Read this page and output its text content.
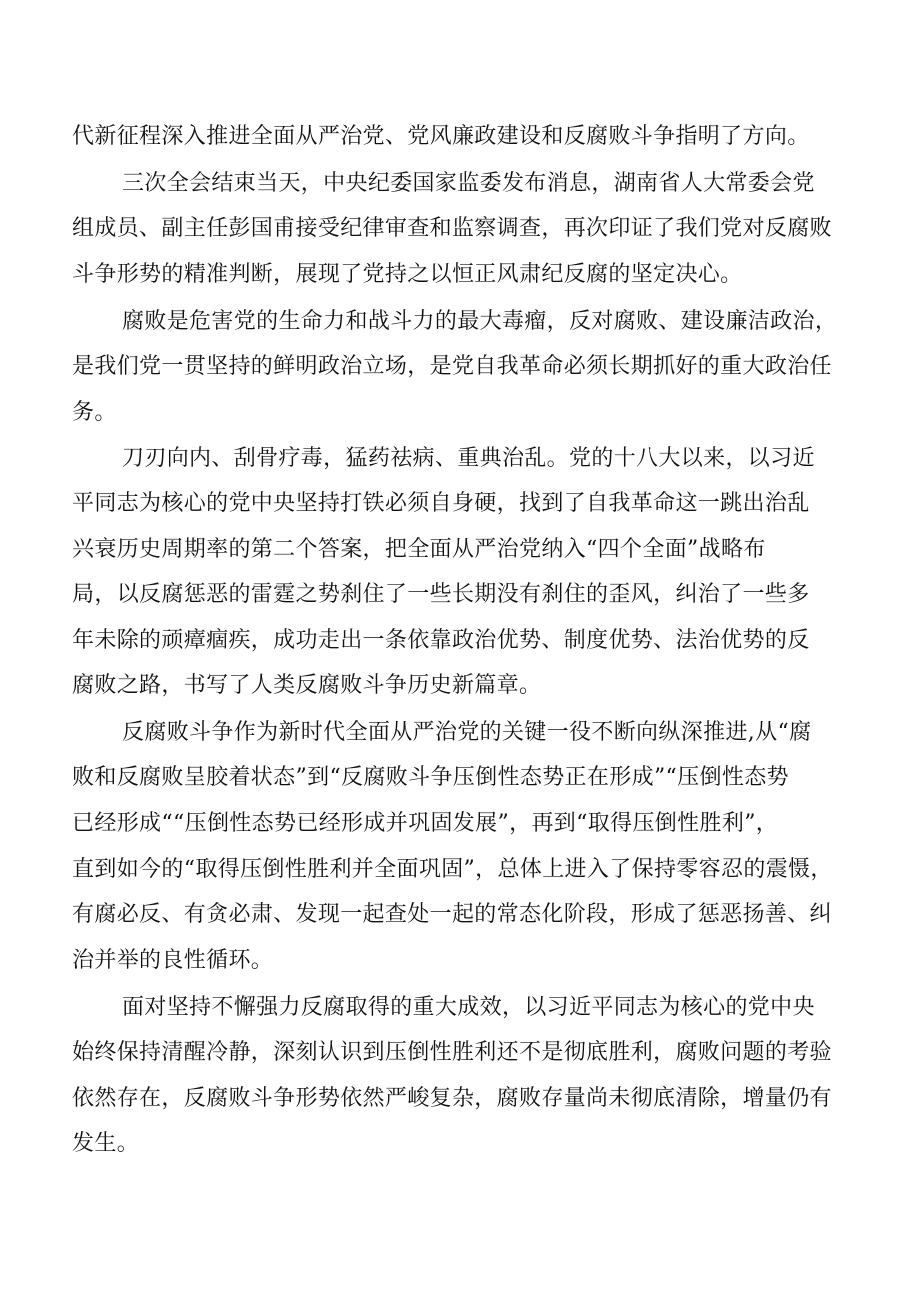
代新征程深入推进全面从严治党、党风廉政建设和反腐败斗争指明了方向。
三次全会结束当天，中央纪委国家监委发布消息，湖南省人大常委会党
组成员、副主任彭国甫接受纪律审查和监察调查，再次印证了我们党对反腐败
斗争形势的精准判断，展现了党持之以恒正风肃纪反腐的坚定决心。
腐败是危害党的生命力和战斗力的最大毒瘤，反对腐败、建设廉洁政治，
是我们党一贯坚持的鲜明政治立场，是党自我革命必须长期抓好的重大政治任
务。
刀刃向内、刮骨疗毒，猛药祛病、重典治乱。党的十八大以来，以习近
平同志为核心的党中央坚持打铁必须自身硬，找到了自我革命这一跳出治乱
兴衰历史周期率的第二个答案，把全面从严治党纳入“四个全面”战略布
局，以反腐惩恶的雷霆之势刹住了一些长期没有刹住的歪风，纠治了一些多
年未除的顽瘴痼疾，成功走出一条依靠政治优势、制度优势、法治优势的反
腐败之路，书写了人类反腐败斗争历史新篇章。
反腐败斗争作为新时代全面从严治党的关键一役不断向纵深推进,从“腐
败和反腐败呈胶着状态”到“反腐败斗争压倒性态势正在形成”“压倒性态势
已经形成““压倒性态势已经形成并巩固发展”，再到“取得压倒性胜利”，
直到如今的“取得压倒性胜利并全面巩固”，总体上进入了保持零容忍的震慑，
有腐必反、有贪必肃、发现一起查处一起的常态化阶段，形成了惩恶扬善、纠
治并举的良性循环。
面对坚持不懈强力反腐取得的重大成效，以习近平同志为核心的党中央
始终保持清醒冷静，深刻认识到压倒性胜利还不是彻底胜利，腐败问题的考验
依然存在，反腐败斗争形势依然严峻复杂，腐败存量尚未彻底清除，增量仍有
发生。
